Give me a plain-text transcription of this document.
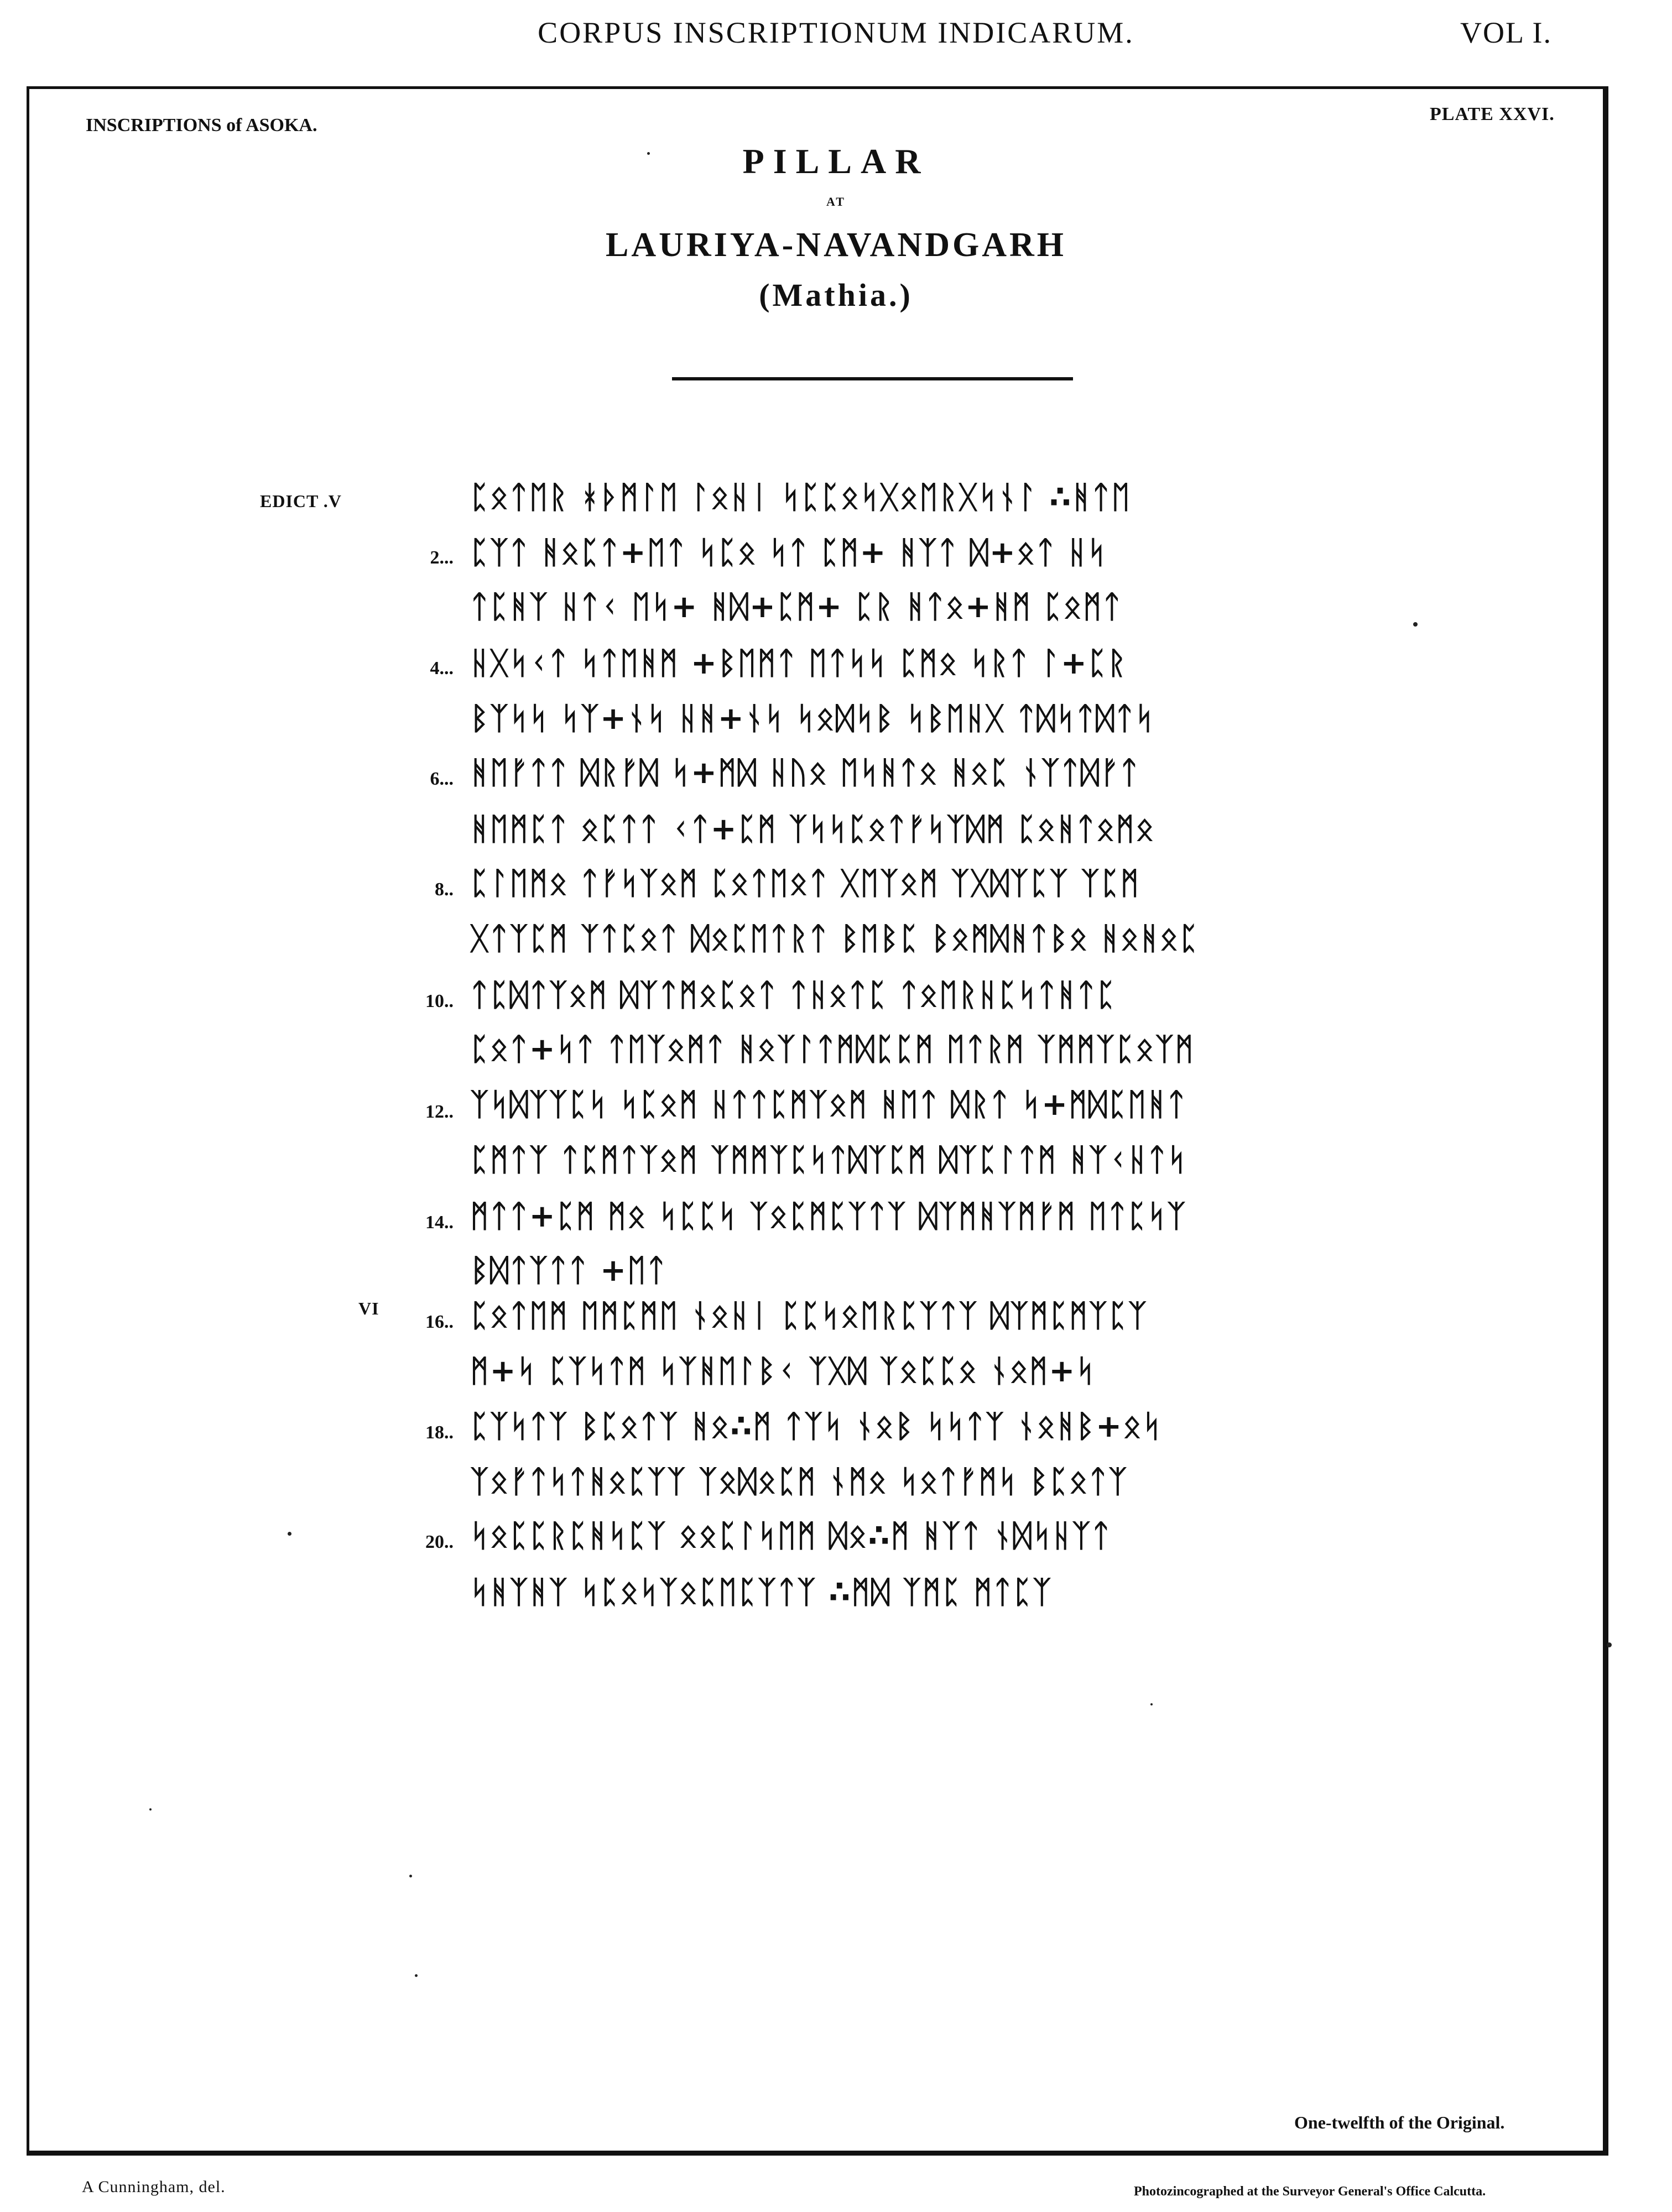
CORPUS INSCRIPTIONUM INDICARUM.	VOL I.
INSCRIPTIONS of ASOKA.
PLATE XXVI.
PILLAR
AT
LAURIYA-NAVANDGARH
(Mathia.)
EDICT .V
VI
ᛈᛟᛏᛖᚱ ᚼᚦᛗᛚᛖ ᛚᛟᚺᛁ ᛋᛈᛈᛟᛋᚷᛟᛖᚱᚷᛋᚾᛚ ∴ᚻᛏᛖ
2... ᛈᛉᛏ ᚻᛟᛈᛏ+ᛖᛏ ᛋᛈᛟ ᛋᛏ ᛈᛗ+ ᚻᛉᛏ ᛞ+ᛟᛏ ᚺᛋ
ᛏᛈᚻᛉ ᚺᛏᚲ ᛖᛋ+ ᚻᛞ+ᛈᛗ+ ᛈᚱ ᚻᛏᛟ+ᚻᛗ ᛈᛟᛗᛏ
4... ᚺᚷᛋᚲᛏ ᛋᛏᛖᚻᛗ +ᛒᛖᛗᛏ ᛖᛏᛋᛋ ᛈᛗᛟ ᛋᚱᛏ ᛚ+ᛈᚱ
ᛒᛉᛋᛋ ᛋᛉ+ᚾᛋ ᚺᚻ+ᚾᛋ ᛋᛟᛞᛋᛒ ᛋᛒᛖᚺᚷ ᛏᛞᛋᛏᛞᛏᛋ
6... ᚻᛖᚠᛏᛏ ᛞᚱᚠᛞ ᛋ+ᛗᛞ ᚺᚢᛟ ᛖᛋᚻᛏᛟ ᚻᛟᛈ ᚾᛉᛏᛞᚠᛏ
ᚻᛖᛗᛈᛏ ᛟᛈᛏᛏ ᚲᛏ+ᛈᛗ ᛉᛋᛋᛈᛟᛏᚠᛋᛉᛞᛗ ᛈᛟᚻᛏᛟᛗᛟ
8.. ᛈᛚᛖᛗᛟ ᛏᚠᛋᛉᛟᛗ ᛈᛟᛏᛖᛟᛏ ᚷᛖᛉᛟᛗ ᛉᚷᛞᛉᛈᛉ ᛉᛈᛗ
ᚷᛏᛉᛈᛗ ᛉᛏᛈᛟᛏ ᛞᛟᛈᛖᛏᚱᛏ ᛒᛖᛒᛈ ᛒᛟᛗᛞᚻᛏᛒᛟ ᚻᛟᚻᛟᛈ
10.. ᛏᛈᛞᛏᛉᛟᛗ ᛞᛉᛏᛗᛟᛈᛟᛏ ᛏᚺᛟᛏᛈ ᛏᛟᛖᚱᚺᛈᛋᛏᚻᛏᛈ
ᛈᛟᛏ+ᛋᛏ ᛏᛖᛉᛟᛗᛏ ᚻᛟᛉᛚᛏᛗᛞᛈᛈᛗ ᛖᛏᚱᛗ ᛉᛗᛗᛉᛈᛟᛉᛗ
12.. ᛉᛋᛞᛉᛉᛈᛋ ᛋᛈᛟᛗ ᚺᛏᛏᛈᛗᛉᛟᛗ ᚻᛖᛏ ᛞᚱᛏ ᛋ+ᛗᛞᛈᛖᚻᛏ
ᛈᛗᛏᛉ ᛏᛈᛗᛏᛉᛟᛗ ᛉᛗᛗᛉᛈᛋᛏᛞᛉᛈᛗ ᛞᛉᛈᛚᛏᛗ ᚻᛉᚲᚺᛏᛋ
14.. ᛗᛏᛏ+ᛈᛗ ᛗᛟ ᛋᛈᛈᛋ ᛉᛟᛈᛗᛈᛉᛏᛉ ᛞᛉᛗᚻᛉᛗᚠᛗ ᛖᛏᛈᛋᛉ
ᛒᛞᛏᛉᛏᛏ +ᛖᛏ
16.. ᛈᛟᛏᛖᛗ ᛖᛗᛈᛗᛖ ᚾᛟᚺᛁ ᛈᛈᛋᛟᛖᚱᛈᛉᛏᛉ ᛞᛉᛗᛈᛗᛉᛈᛉ
ᛗ+ᛋ ᛈᛉᛋᛏᛗ ᛋᛉᚻᛖᛚᛒᚲ ᛉᚷᛞ ᛉᛟᛈᛈᛟ ᚾᛟᛗ+ᛋ
18.. ᛈᛉᛋᛏᛉ ᛒᛈᛟᛏᛉ ᚻᛟ∴ᛗ ᛏᛉᛋ ᚾᛟᛒ ᛋᛋᛏᛉ ᚾᛟᚻᛒ+ᛟᛋ
ᛉᛟᚠᛏᛋᛏᚻᛟᛈᛉᛉ ᛉᛟᛞᛟᛈᛗ ᚾᛗᛟ ᛋᛟᛏᚠᛗᛋ ᛒᛈᛟᛏᛉ
20.. ᛋᛟᛈᛈᚱᛈᚻᛋᛈᛉ ᛟᛟᛈᛚᛋᛖᛗ ᛞᛟ∴ᛗ ᚻᛉᛏ ᚾᛞᛋᚺᛉᛏ
ᛋᚻᛉᚻᛉ ᛋᛈᛟᛋᛉᛟᛈᛖᛈᛉᛏᛉ ∴ᛗᛞ ᛉᛗᛈ ᛗᛏᛈᛉ
One-twelfth of the Original.
A Cunningham, del.	Photozincographed at the Surveyor General's Office Calcutta.
